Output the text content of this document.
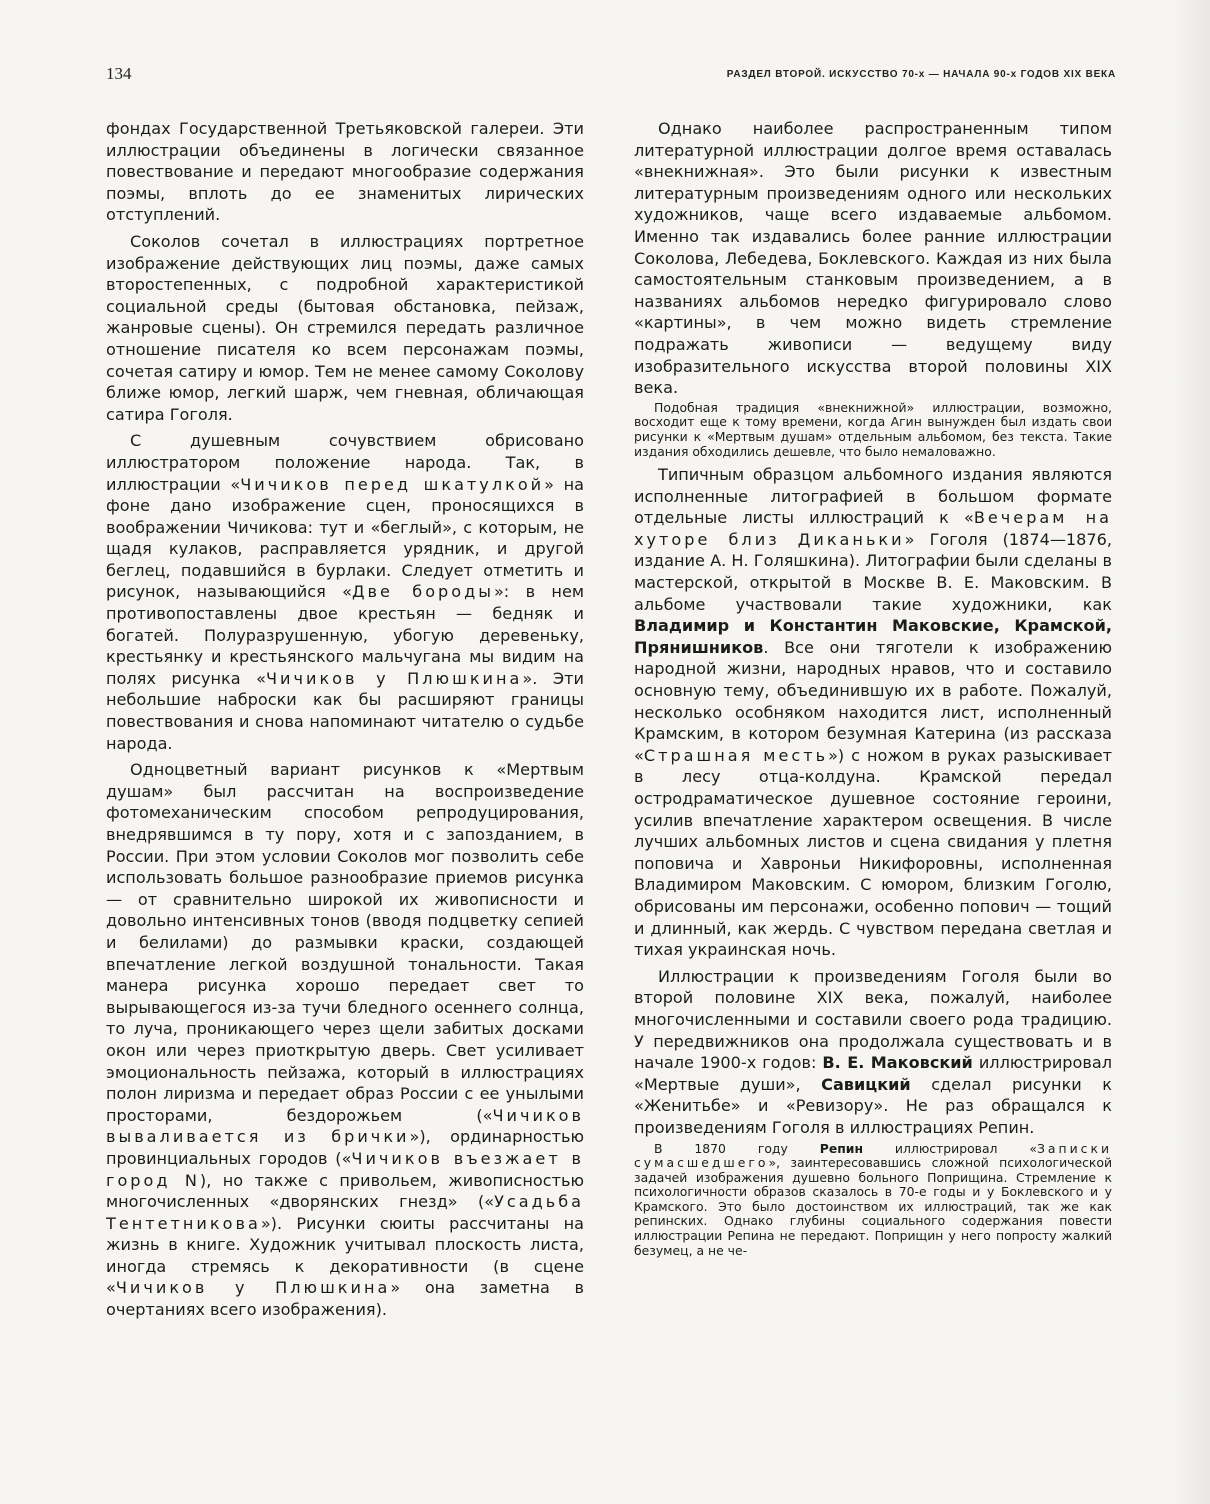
134	РАЗДЕЛ ВТОРОЙ. ИСКУССТВО 70-х — НАЧАЛА 90-х ГОДОВ XIX ВЕКА

фондах Государственной Третьяковской галереи. Эти иллюстрации объединены в логически связанное повествование и передают многообразие содержания поэмы, вплоть до ее знаменитых лирических отступлений.

Соколов сочетал в иллюстрациях портретное изображение действующих лиц поэмы, даже самых второстепенных, с подробной характеристикой социальной среды (бытовая обстановка, пейзаж, жанровые сцены). Он стремился передать различное отношение писателя ко всем персонажам поэмы, сочетая сатиру и юмор. Тем не менее самому Соколову ближе юмор, легкий шарж, чем гневная, обличающая сатира Гоголя.

С душевным сочувствием обрисовано иллюстратором положение народа. Так, в иллюстрации «Чичиков перед шкатулкой» на фоне дано изображение сцен, проносящихся в воображении Чичикова: тут и «беглый», с которым, не щадя кулаков, расправляется урядник, и другой беглец, подавшийся в бурлаки. Следует отметить и рисунок, называющийся «Две бороды»: в нем противопоставлены двое крестьян — бедняк и богатей. Полуразрушенную, убогую деревеньку, крестьянку и крестьянского мальчугана мы видим на полях рисунка «Чичиков у Плюшкина». Эти небольшие наброски как бы расширяют границы повествования и снова напоминают читателю о судьбе народа.

Одноцветный вариант рисунков к «Мертвым душам» был рассчитан на воспроизведение фотомеханическим способом репродуцирования, внедрявшимся в ту пору, хотя и с запозданием, в России. При этом условии Соколов мог позволить себе использовать большое разнообразие приемов рисунка — от сравнительно широкой их живописности и довольно интенсивных тонов (вводя подцветку сепией и белилами) до размывки краски, создающей впечатление легкой воздушной тональности. Такая манера рисунка хорошо передает свет то вырывающегося из-за тучи бледного осеннего солнца, то луча, проникающего через щели забитых досками окон или через приоткрытую дверь. Свет усиливает эмоциональность пейзажа, который в иллюстрациях полон лиризма и передает образ России с ее унылыми просторами, бездорожьем («Чичиков вываливается из брички»), ординарностью провинциальных городов («Чичиков въезжает в город N), но также с привольем, живописностью многочисленных «дворянских гнезд» («Усадьба Тентетникова»). Рисунки сюиты рассчитаны на жизнь в книге. Художник учитывал плоскость листа, иногда стремясь к декоративности (в сцене «Чичиков у Плюшкина» она заметна в очертаниях всего изображения).

Однако наиболее распространенным типом литературной иллюстрации долгое время оставалась «внекнижная». Это были рисунки к известным литературным произведениям одного или нескольких художников, чаще всего издаваемые альбомом. Именно так издавались более ранние иллюстрации Соколова, Лебедева, Боклевского. Каждая из них была самостоятельным станковым произведением, а в названиях альбомов нередко фигурировало слово «картины», в чем можно видеть стремление подражать живописи — ведущему виду изобразительного искусства второй половины XIX века.

Подобная традиция «внекнижной» иллюстрации, возможно, восходит еще к тому времени, когда Агин вынужден был издать свои рисунки к «Мертвым душам» отдельным альбомом, без текста. Такие издания обходились дешевле, что было немаловажно.

Типичным образцом альбомного издания являются исполненные литографией в большом формате отдельные листы иллюстраций к «Вечерам на хуторе близ Диканьки» Гоголя (1874—1876, издание А. Н. Голяшкина). Литографии были сделаны в мастерской, открытой в Москве В. Е. Маковским. В альбоме участвовали такие художники, как Владимир и Константин Маковские, Крамской, Прянишников. Все они тяготели к изображению народной жизни, народных нравов, что и составило основную тему, объединившую их в работе. Пожалуй, несколько особняком находится лист, исполненный Крамским, в котором безумная Катерина (из рассказа «Страшная месть») с ножом в руках разыскивает в лесу отца-колдуна. Крамской передал остродраматическое душевное состояние героини, усилив впечатление характером освещения. В числе лучших альбомных листов и сцена свидания у плетня поповича и Хавроньи Никифоровны, исполненная Владимиром Маковским. С юмором, близким Гоголю, обрисованы им персонажи, особенно попович — тощий и длинный, как жердь. С чувством передана светлая и тихая украинская ночь.

Иллюстрации к произведениям Гоголя были во второй половине XIX века, пожалуй, наиболее многочисленными и составили своего рода традицию. У передвижников она продолжала существовать и в начале 1900-х годов: В. Е. Маковский иллюстрировал «Мертвые души», Савицкий сделал рисунки к «Женитьбе» и «Ревизору». Не раз обращался к произведениям Гоголя в иллюстрациях Репин.

В 1870 году Репин иллюстрировал «Записки сумасшедшего», заинтересовавшись сложной психологической задачей изображения душевно больного Поприщина. Стремление к психологичности образов сказалось в 70-е годы и у Боклевского и у Крамского. Это было достоинством их иллюстраций, так же как репинских. Однако глубины социального содержания повести иллюстрации Репина не передают. Поприщин у него попросту жалкий безумец, а не че-
